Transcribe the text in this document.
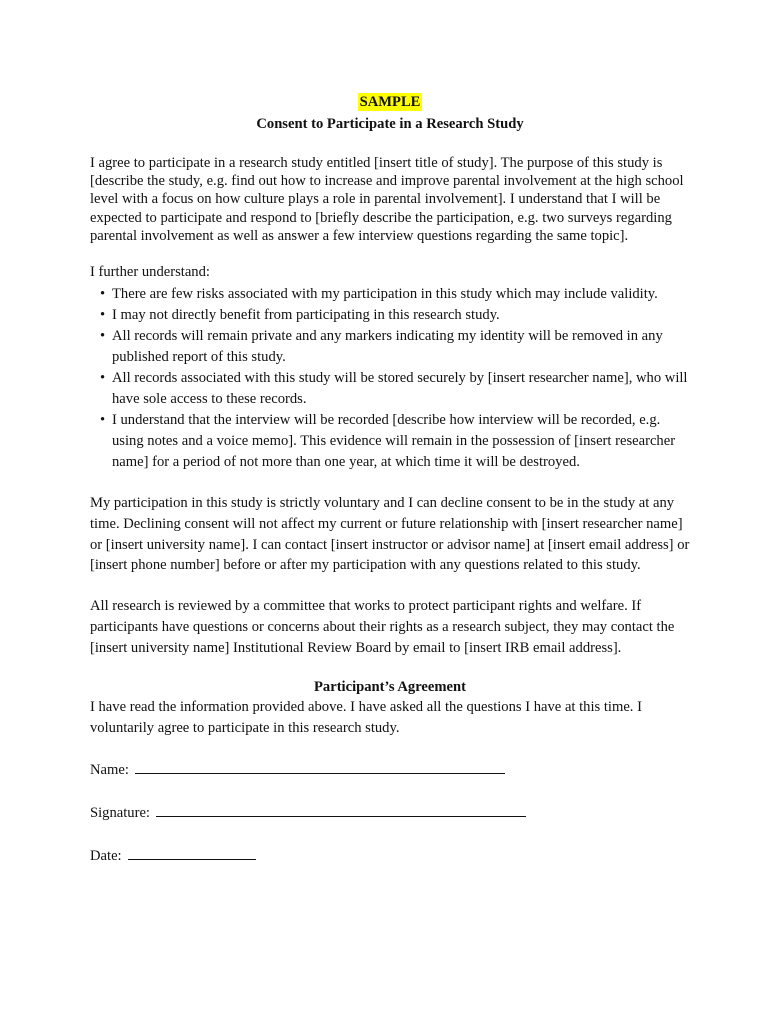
SAMPLE
Consent to Participate in a Research Study

I agree to participate in a research study entitled [insert title of study]. The purpose of this study is [describe the study, e.g. find out how to increase and improve parental involvement at the high school level with a focus on how culture plays a role in parental involvement]. I understand that I will be expected to participate and respond to [briefly describe the participation, e.g. two surveys regarding parental involvement as well as answer a few interview questions regarding the same topic].

I further understand:
• There are few risks associated with my participation in this study which may include validity.
• I may not directly benefit from participating in this research study.
• All records will remain private and any markers indicating my identity will be removed in any published report of this study.
• All records associated with this study will be stored securely by [insert researcher name], who will have sole access to these records.
• I understand that the interview will be recorded [describe how interview will be recorded, e.g. using notes and a voice memo]. This evidence will remain in the possession of [insert researcher name] for a period of not more than one year, at which time it will be destroyed.

My participation in this study is strictly voluntary and I can decline consent to be in the study at any time. Declining consent will not affect my current or future relationship with [insert researcher name] or [insert university name]. I can contact [insert instructor or advisor name] at [insert email address] or [insert phone number] before or after my participation with any questions related to this study.

All research is reviewed by a committee that works to protect participant rights and welfare. If participants have questions or concerns about their rights as a research subject, they may contact the [insert university name] Institutional Review Board by email to [insert IRB email address].

Participant’s Agreement

I have read the information provided above. I have asked all the questions I have at this time. I voluntarily agree to participate in this research study.

Name:
Signature:
Date:
